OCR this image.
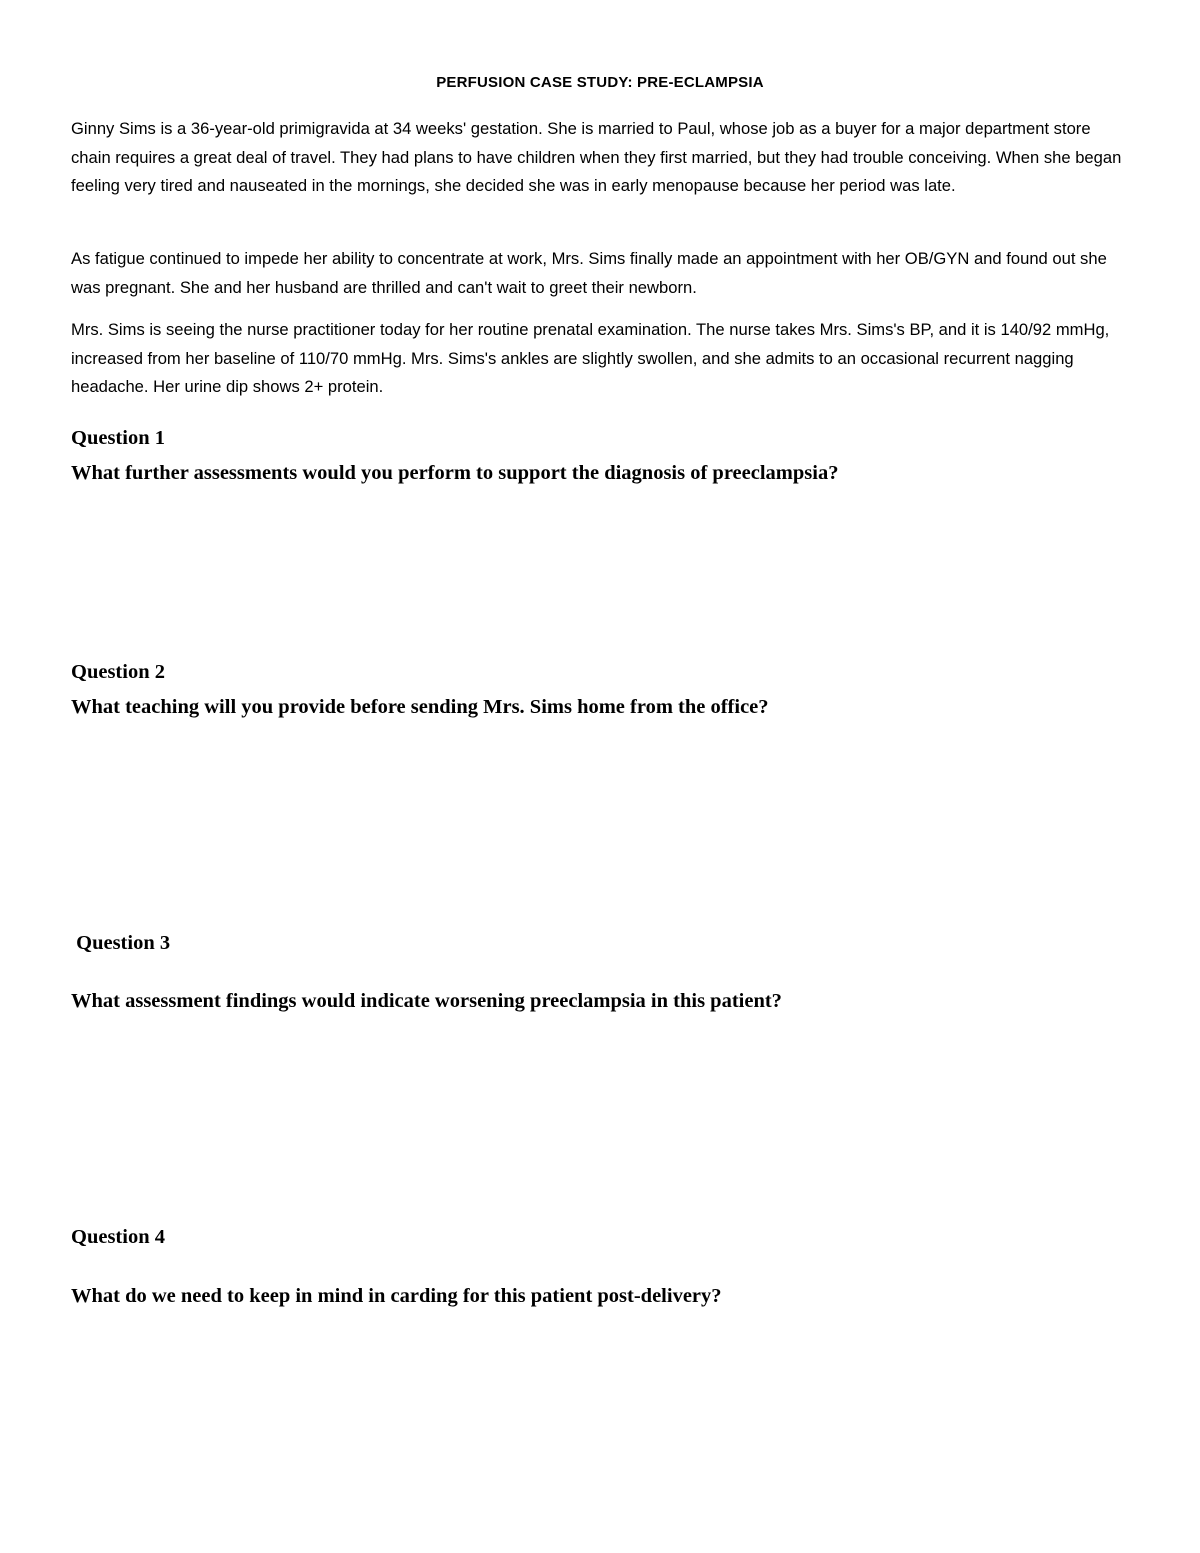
PERFUSION CASE STUDY: PRE-ECLAMPSIA

Ginny Sims is a 36-year-old primigravida at 34 weeks' gestation. She is married to Paul, whose job as a buyer for a major department store chain requires a great deal of travel. They had plans to have children when they first married, but they had trouble conceiving. When she began feeling very tired and nauseated in the mornings, she decided she was in early menopause because her period was late.

As fatigue continued to impede her ability to concentrate at work, Mrs. Sims finally made an appointment with her OB/GYN and found out she was pregnant. She and her husband are thrilled and can't wait to greet their newborn.

Mrs. Sims is seeing the nurse practitioner today for her routine prenatal examination. The nurse takes Mrs. Sims's BP, and it is 140/92 mmHg, increased from her baseline of 110/70 mmHg. Mrs. Sims's ankles are slightly swollen, and she admits to an occasional recurrent nagging headache. Her urine dip shows 2+ protein.

Question 1
What further assessments would you perform to support the diagnosis of preeclampsia?
Question 2
What teaching will you provide before sending Mrs. Sims home from the office?
Question 3
What assessment findings would indicate worsening preeclampsia in this patient?
Question 4
What do we need to keep in mind in carding for this patient post-delivery?
